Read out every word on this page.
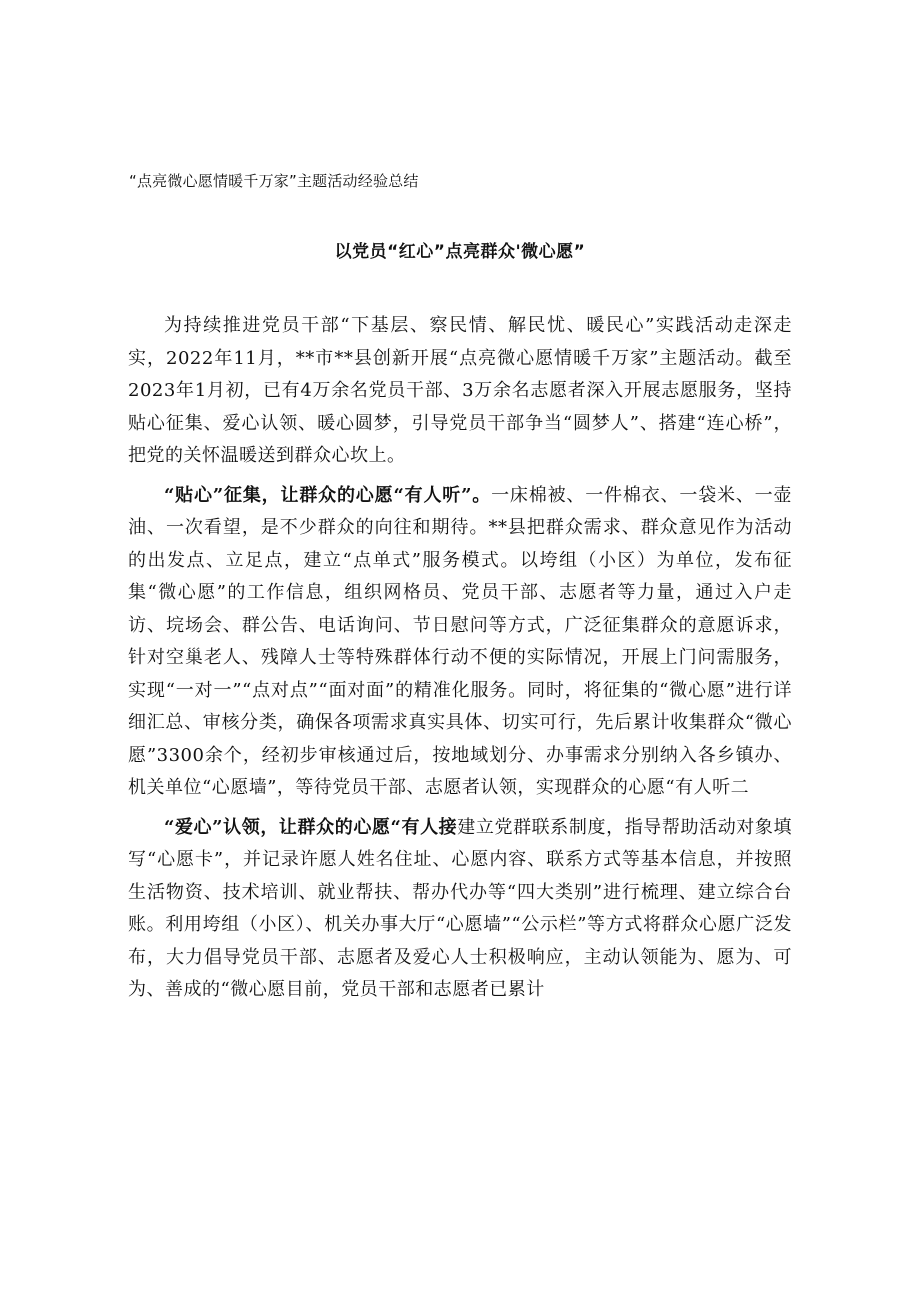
“点亮微心愿情暖千万家”主题活动经验总结
以党员“红心”点亮群众'微心愿”

为持续推进党员干部“下基层、察民情、解民忧、暖民心”实践活动走深走实，2022年11月，**市**县创新开展“点亮微心愿情暖千万家”主题活动。截至2023年1月初，已有4万余名党员干部、3万余名志愿者深入开展志愿服务，坚持贴心征集、爱心认领、暖心圆梦，引导党员干部争当“圆梦人”、搭建“连心桥”，把党的关怀温暖送到群众心坎上。

“贴心”征集，让群众的心愿“有人听”。一床棉被、一件棉衣、一袋米、一壶油、一次看望，是不少群众的向往和期待。**县把群众需求、群众意见作为活动的出发点、立足点，建立“点单式”服务模式。以垮组（小区）为单位，发布征集“微心愿”的工作信息，组织网格员、党员干部、志愿者等力量，通过入户走访、垸场会、群公告、电话询问、节日慰问等方式，广泛征集群众的意愿诉求，针对空巢老人、残障人士等特殊群体行动不便的实际情况，开展上门问需服务，实现“一对一”“点对点”“面对面”的精准化服务。同时，将征集的“微心愿”进行详细汇总、审核分类，确保各项需求真实具体、切实可行，先后累计收集群众“微心愿”3300余个，经初步审核通过后，按地域划分、办事需求分别纳入各乡镇办、机关单位“心愿墙”，等待党员干部、志愿者认领，实现群众的心愿“有人听二

“爱心”认领，让群众的心愿“有人接建立党群联系制度，指导帮助活动对象填写“心愿卡”，并记录许愿人姓名住址、心愿内容、联系方式等基本信息，并按照生活物资、技术培训、就业帮扶、帮办代办等“四大类别”进行梳理、建立综合台账。利用垮组（小区）、机关办事大厅“心愿墙”“公示栏”等方式将群众心愿广泛发布，大力倡导党员干部、志愿者及爱心人士积极响应，主动认领能为、愿为、可为、善成的“微心愿目前，党员干部和志愿者已累计
